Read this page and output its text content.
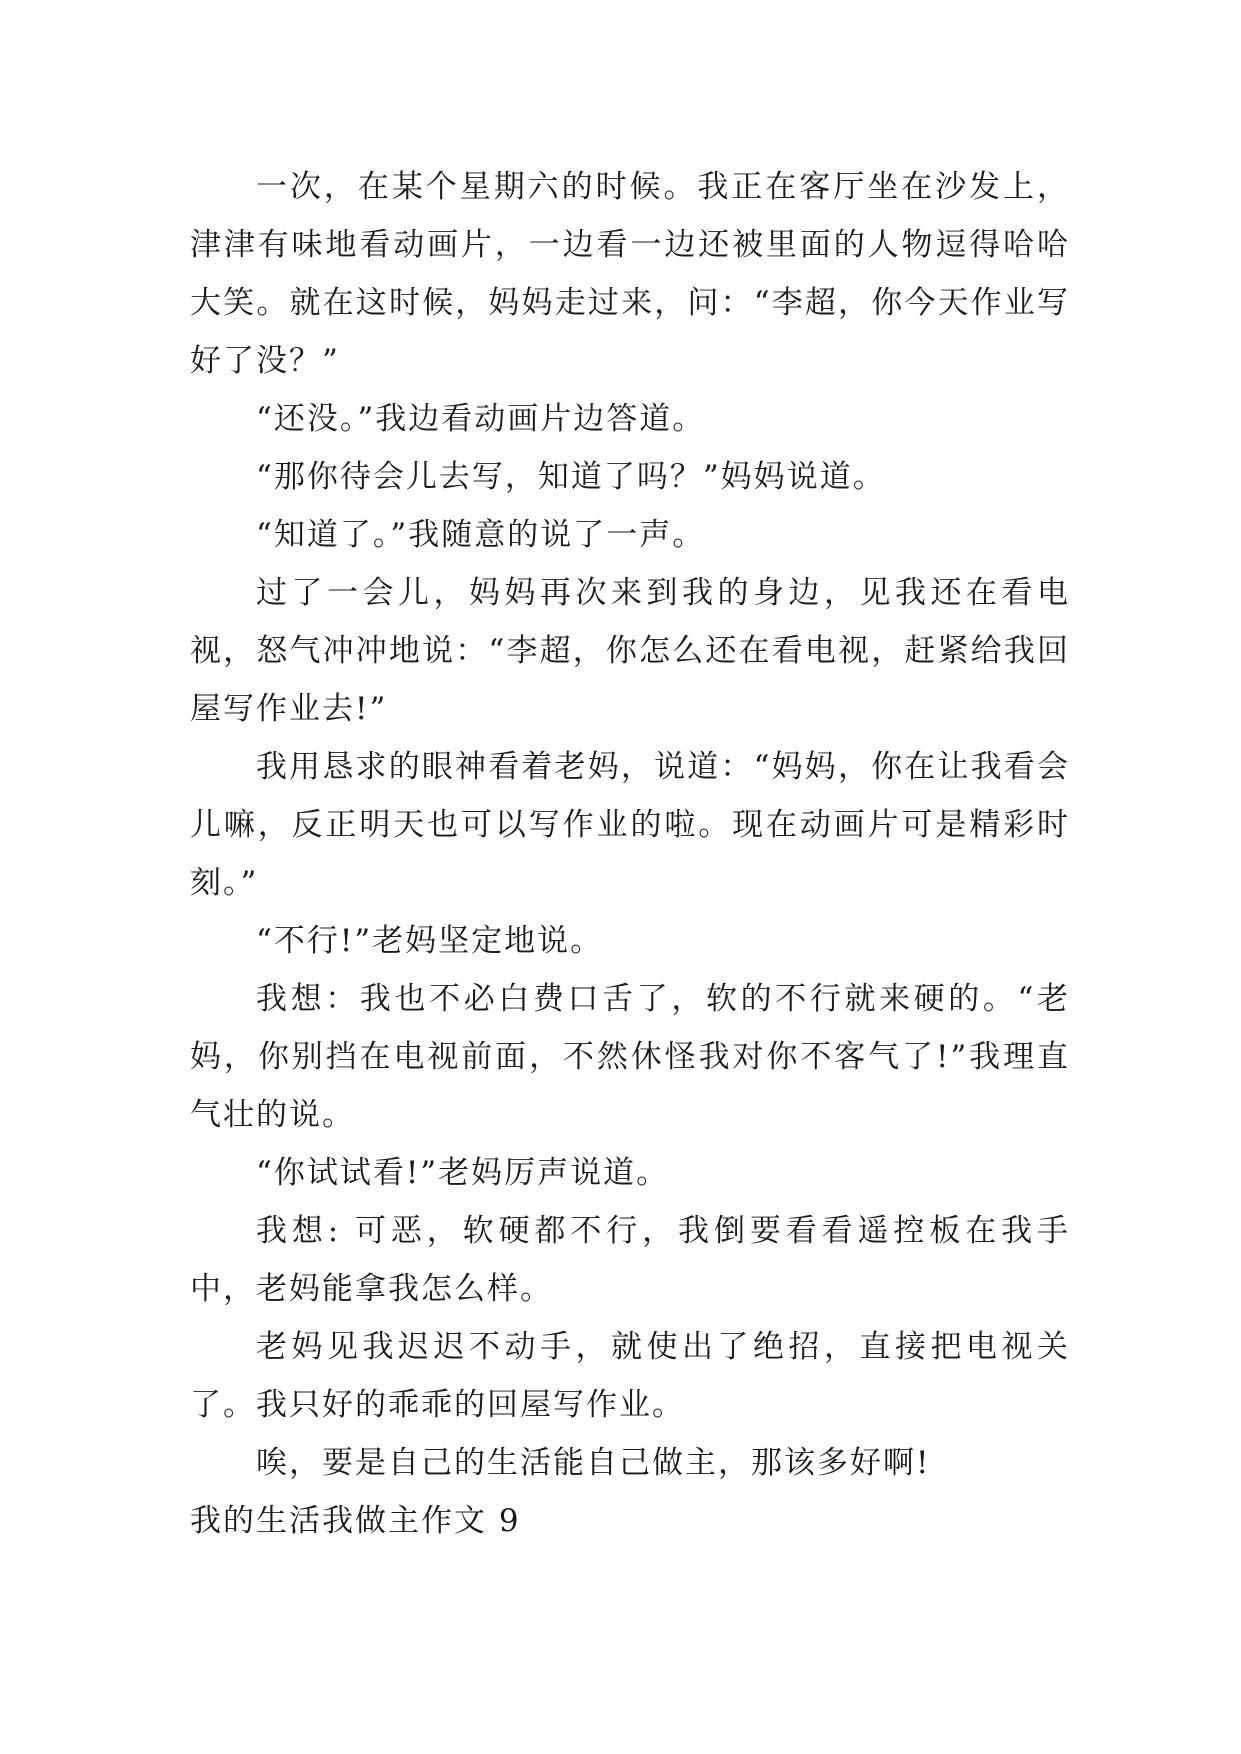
一次，在某个星期六的时候。我正在客厅坐在沙发上，津津有味地看动画片，一边看一边还被里面的人物逗得哈哈大笑。就在这时候，妈妈走过来，问：“李超，你今天作业写好了没？”

“还没。”我边看动画片边答道。

“那你待会儿去写，知道了吗？”妈妈说道。

“知道了。”我随意的说了一声。

过了一会儿，妈妈再次来到我的身边，见我还在看电视，怒气冲冲地说：“李超，你怎么还在看电视，赶紧给我回屋写作业去!”

我用恳求的眼神看着老妈，说道：“妈妈，你在让我看会儿嘛，反正明天也可以写作业的啦。现在动画片可是精彩时刻。”

“不行!”老妈坚定地说。

我想：我也不必白费口舌了，软的不行就来硬的。“老妈，你别挡在电视前面，不然休怪我对你不客气了!”我理直气壮的说。

“你试试看!”老妈厉声说道。

我想: 可恶，软硬都不行，我倒要看看遥控板在我手中，老妈能拿我怎么样。

老妈见我迟迟不动手，就使出了绝招，直接把电视关了。我只好的乖乖的回屋写作业。

唉，要是自己的生活能自己做主，那该多好啊!

我的生活我做主作文 9
